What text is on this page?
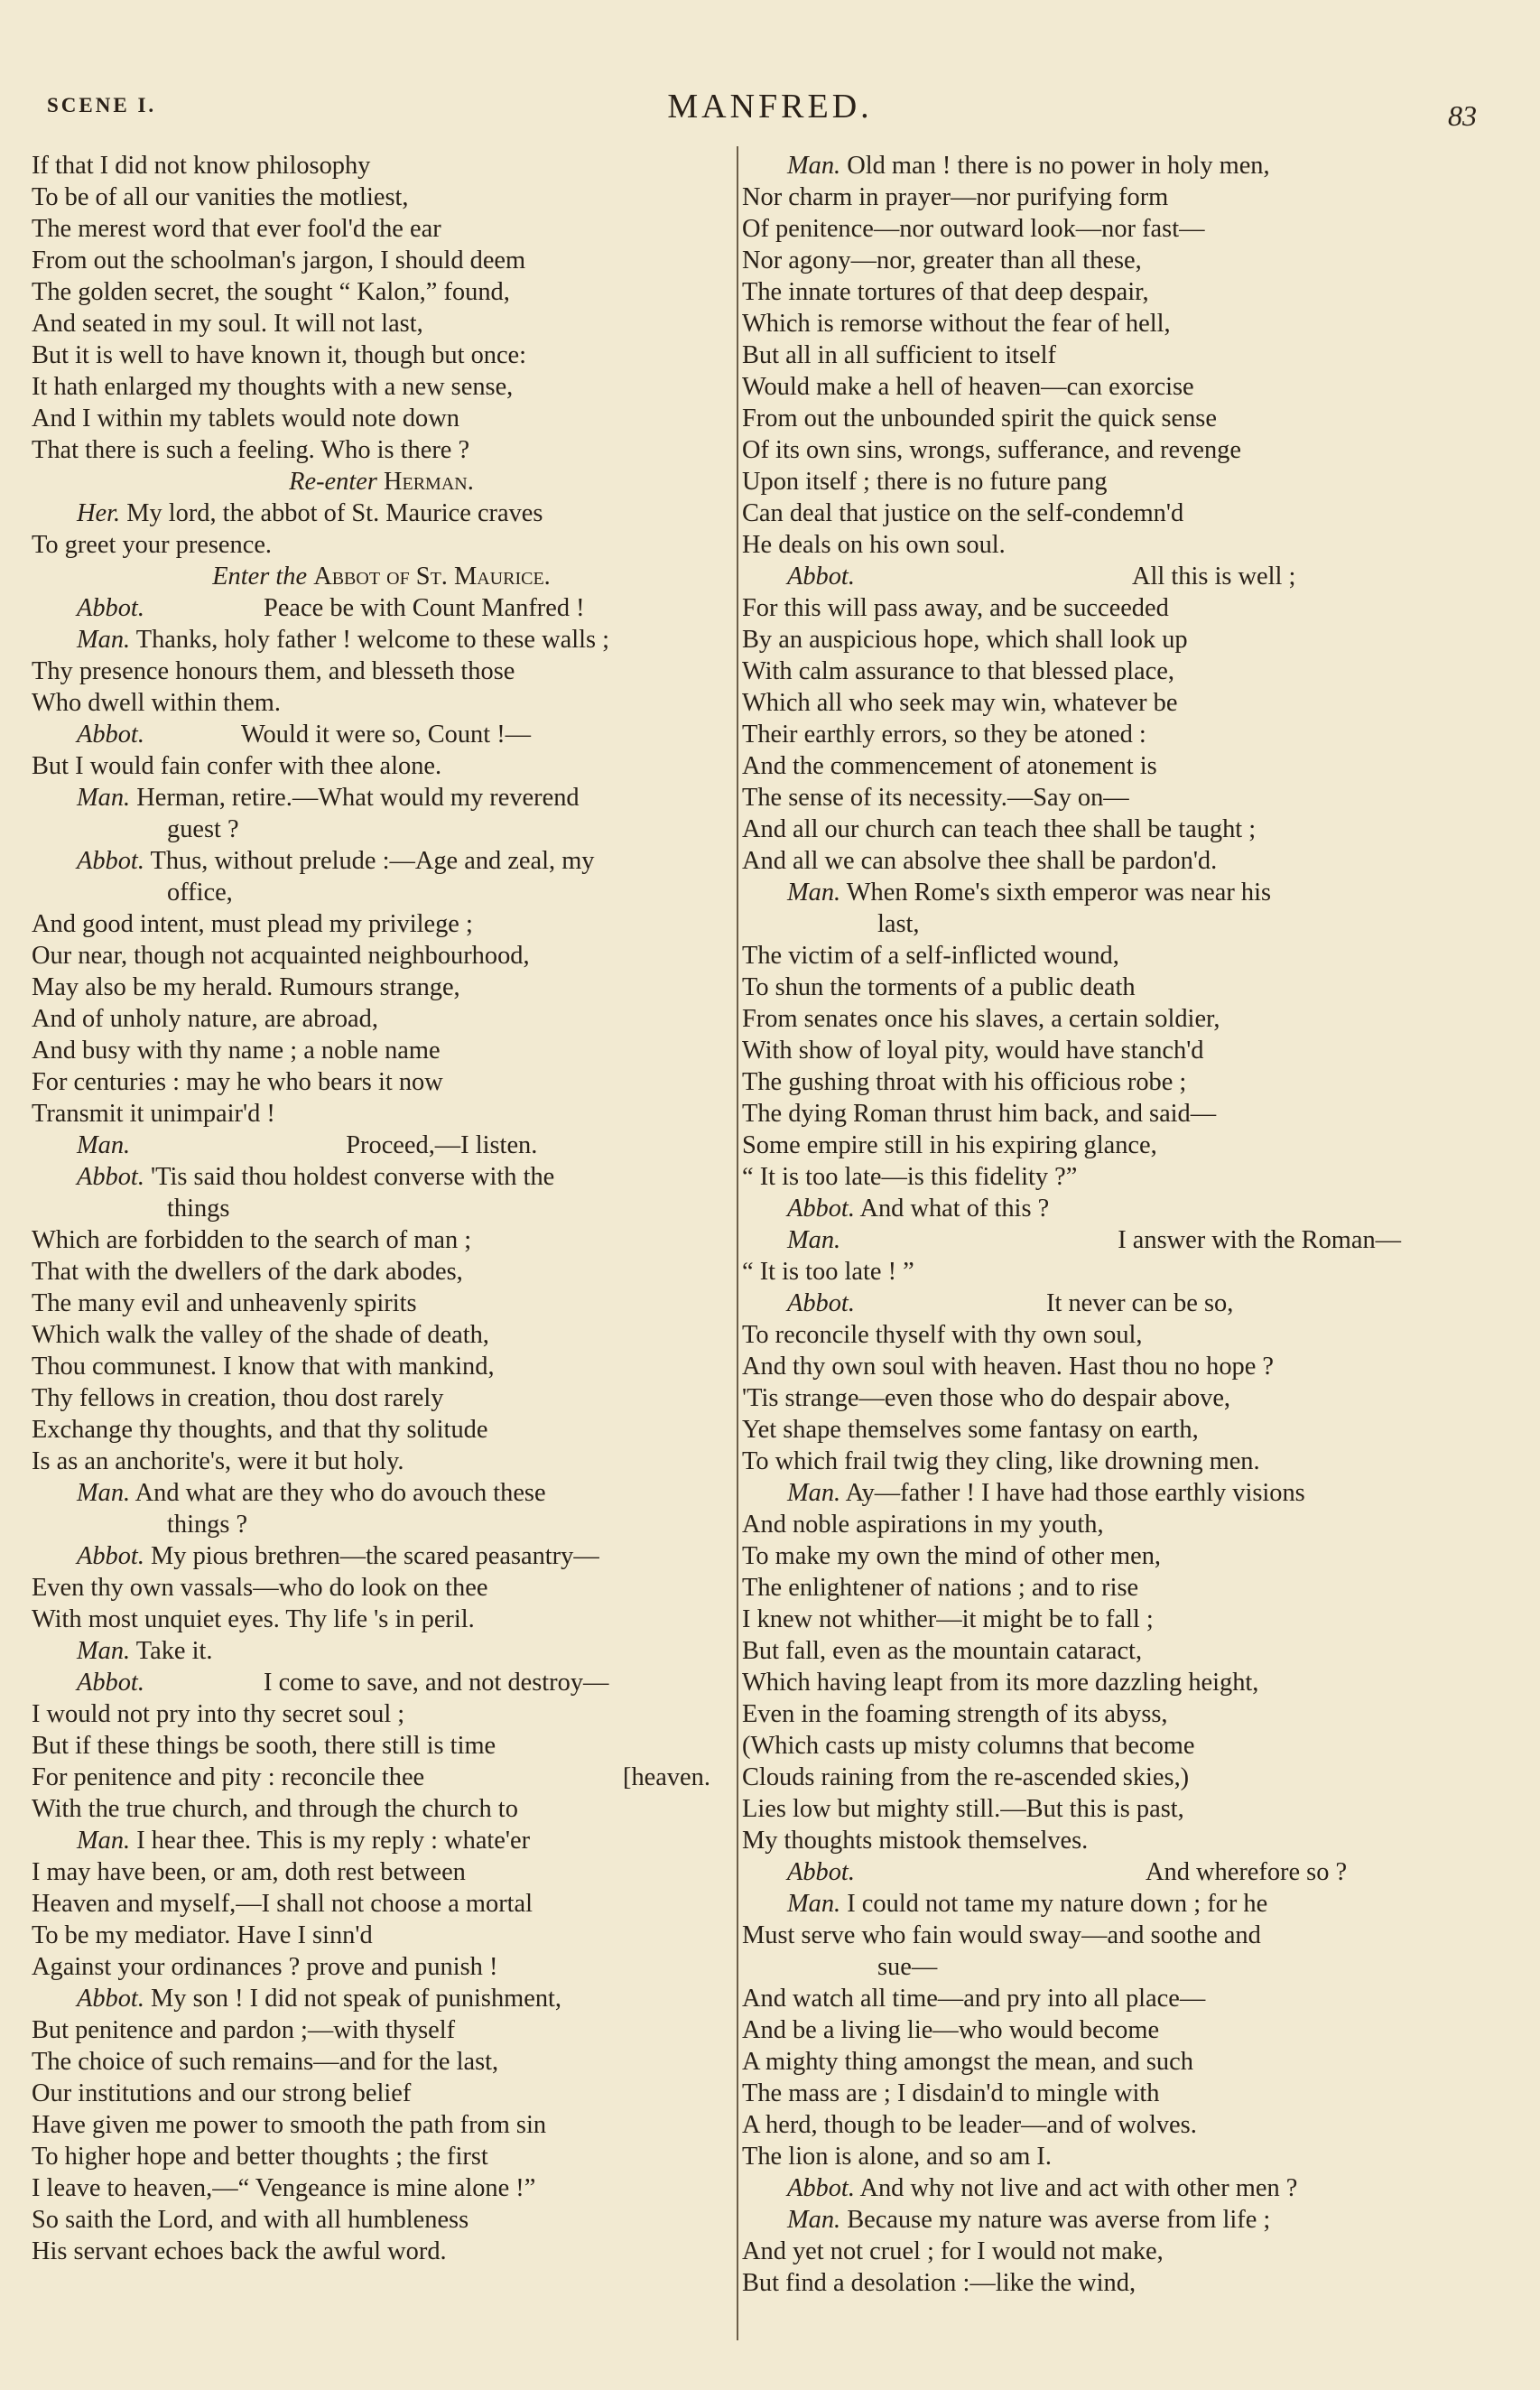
SCENE I.	MANFRED.	83
If that I did not know philosophy
To be of all our vanities the motliest,
The merest word that ever fool'd the ear
From out the schoolman's jargon, I should deem
The golden secret, the sought “ Kalon,” found,
And seated in my soul. It will not last,
But it is well to have known it, though but once:
It hath enlarged my thoughts with a new sense,
And I within my tablets would note down
That there is such a feeling. Who is there ?
Re-enter Herman.
Her. My lord, the abbot of St. Maurice craves
To greet your presence.
Enter the Abbot of St. Maurice.
Abbot.	Peace be with Count Manfred !
Man. Thanks, holy father ! welcome to these walls ;
Thy presence honours them, and blesseth those
Who dwell within them.
Abbot.	Would it were so, Count !—
But I would fain confer with thee alone.
Man. Herman, retire.—What would my reverend
guest ?
Abbot. Thus, without prelude :—Age and zeal, my
office,
And good intent, must plead my privilege ;
Our near, though not acquainted neighbourhood,
May also be my herald. Rumours strange,
And of unholy nature, are abroad,
And busy with thy name ; a noble name
For centuries : may he who bears it now
Transmit it unimpair'd !
Man.	Proceed,—I listen.
Abbot. 'Tis said thou holdest converse with the
things
Which are forbidden to the search of man ;
That with the dwellers of the dark abodes,
The many evil and unheavenly spirits
Which walk the valley of the shade of death,
Thou communest. I know that with mankind,
Thy fellows in creation, thou dost rarely
Exchange thy thoughts, and that thy solitude
Is as an anchorite's, were it but holy.
Man. And what are they who do avouch these
things ?
Abbot. My pious brethren—the scared peasantry—
Even thy own vassals—who do look on thee
With most unquiet eyes. Thy life 's in peril.
Man. Take it.
Abbot.	I come to save, and not destroy—
I would not pry into thy secret soul ;
But if these things be sooth, there still is time
For penitence and pity : reconcile thee	[heaven.
With the true church, and through the church to
Man. I hear thee. This is my reply : whate'er
I may have been, or am, doth rest between
Heaven and myself,—I shall not choose a mortal
To be my mediator. Have I sinn'd
Against your ordinances ? prove and punish !
Abbot. My son ! I did not speak of punishment,
But penitence and pardon ;—with thyself
The choice of such remains—and for the last,
Our institutions and our strong belief
Have given me power to smooth the path from sin
To higher hope and better thoughts ; the first
I leave to heaven,—“ Vengeance is mine alone !”
So saith the Lord, and with all humbleness
His servant echoes back the awful word.
Man. Old man ! there is no power in holy men,
Nor charm in prayer—nor purifying form
Of penitence—nor outward look—nor fast—
Nor agony—nor, greater than all these,
The innate tortures of that deep despair,
Which is remorse without the fear of hell,
But all in all sufficient to itself
Would make a hell of heaven—can exorcise
From out the unbounded spirit the quick sense
Of its own sins, wrongs, sufferance, and revenge
Upon itself ; there is no future pang
Can deal that justice on the self-condemn'd
He deals on his own soul.
Abbot.	All this is well ;
For this will pass away, and be succeeded
By an auspicious hope, which shall look up
With calm assurance to that blessed place,
Which all who seek may win, whatever be
Their earthly errors, so they be atoned :
And the commencement of atonement is
The sense of its necessity.—Say on—
And all our church can teach thee shall be taught ;
And all we can absolve thee shall be pardon'd.
Man. When Rome's sixth emperor was near his
last,
The victim of a self-inflicted wound,
To shun the torments of a public death
From senates once his slaves, a certain soldier,
With show of loyal pity, would have stanch'd
The gushing throat with his officious robe ;
The dying Roman thrust him back, and said—
Some empire still in his expiring glance,
“ It is too late—is this fidelity ?”
Abbot. And what of this ?
Man.	I answer with the Roman—
“ It is too late ! ”
Abbot.	It never can be so,
To reconcile thyself with thy own soul,
And thy own soul with heaven. Hast thou no hope ?
'Tis strange—even those who do despair above,
Yet shape themselves some fantasy on earth,
To which frail twig they cling, like drowning men.
Man. Ay—father ! I have had those earthly visions
And noble aspirations in my youth,
To make my own the mind of other men,
The enlightener of nations ; and to rise
I knew not whither—it might be to fall ;
But fall, even as the mountain cataract,
Which having leapt from its more dazzling height,
Even in the foaming strength of its abyss,
(Which casts up misty columns that become
Clouds raining from the re-ascended skies,)
Lies low but mighty still.—But this is past,
My thoughts mistook themselves.
Abbot.	And wherefore so ?
Man. I could not tame my nature down ; for he
Must serve who fain would sway—and soothe and
sue—
And watch all time—and pry into all place—
And be a living lie—who would become
A mighty thing amongst the mean, and such
The mass are ; I disdain'd to mingle with
A herd, though to be leader—and of wolves.
The lion is alone, and so am I.
Abbot. And why not live and act with other men ?
Man. Because my nature was averse from life ;
And yet not cruel ; for I would not make,
But find a desolation :—like the wind,
